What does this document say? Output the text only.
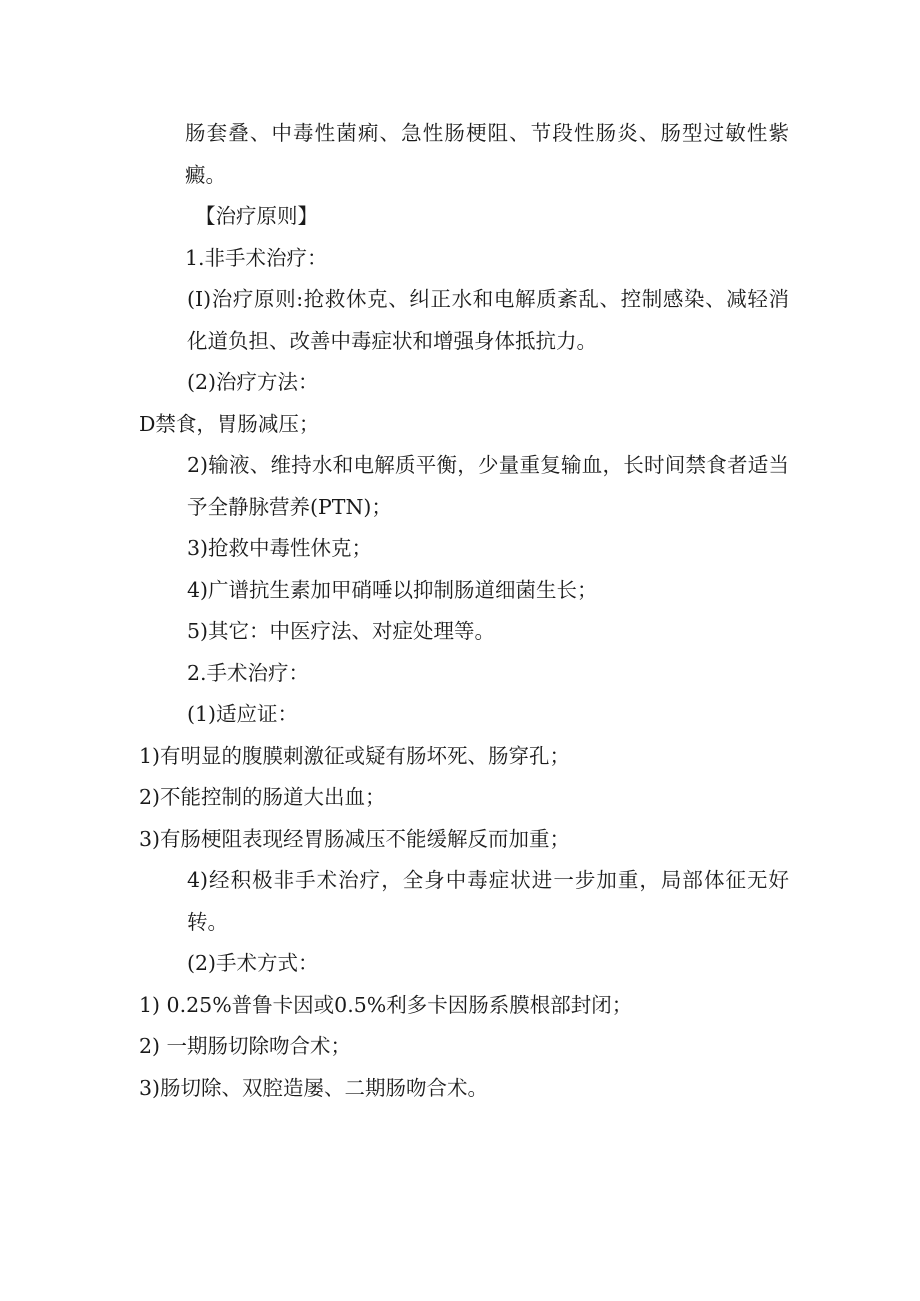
肠套叠、中毒性菌痢、急性肠梗阻、节段性肠炎、肠型过敏性紫癜。

【治疗原则】

1.非手术治疗：

(I)治疗原则:抢救休克、纠正水和电解质紊乱、控制感染、减轻消化道负担、改善中毒症状和增强身体抵抗力。

(2)治疗方法：

D禁食，胃肠减压；

2)输液、维持水和电解质平衡，少量重复输血，长时间禁食者适当予全静脉营养(PTN)；

3)抢救中毒性休克；

4)广谱抗生素加甲硝唾以抑制肠道细菌生长；

5)其它：中医疗法、对症处理等。

2.手术治疗：

(1)适应证：

1)有明显的腹膜刺激征或疑有肠坏死、肠穿孔；

2)不能控制的肠道大出血；

3)有肠梗阻表现经胃肠减压不能缓解反而加重；

4)经积极非手术治疗，全身中毒症状进一步加重，局部体征无好转。

(2)手术方式：

1) 0.25%普鲁卡因或0.5%利多卡因肠系膜根部封闭；

2) 一期肠切除吻合术；

3)肠切除、双腔造屡、二期肠吻合术。
